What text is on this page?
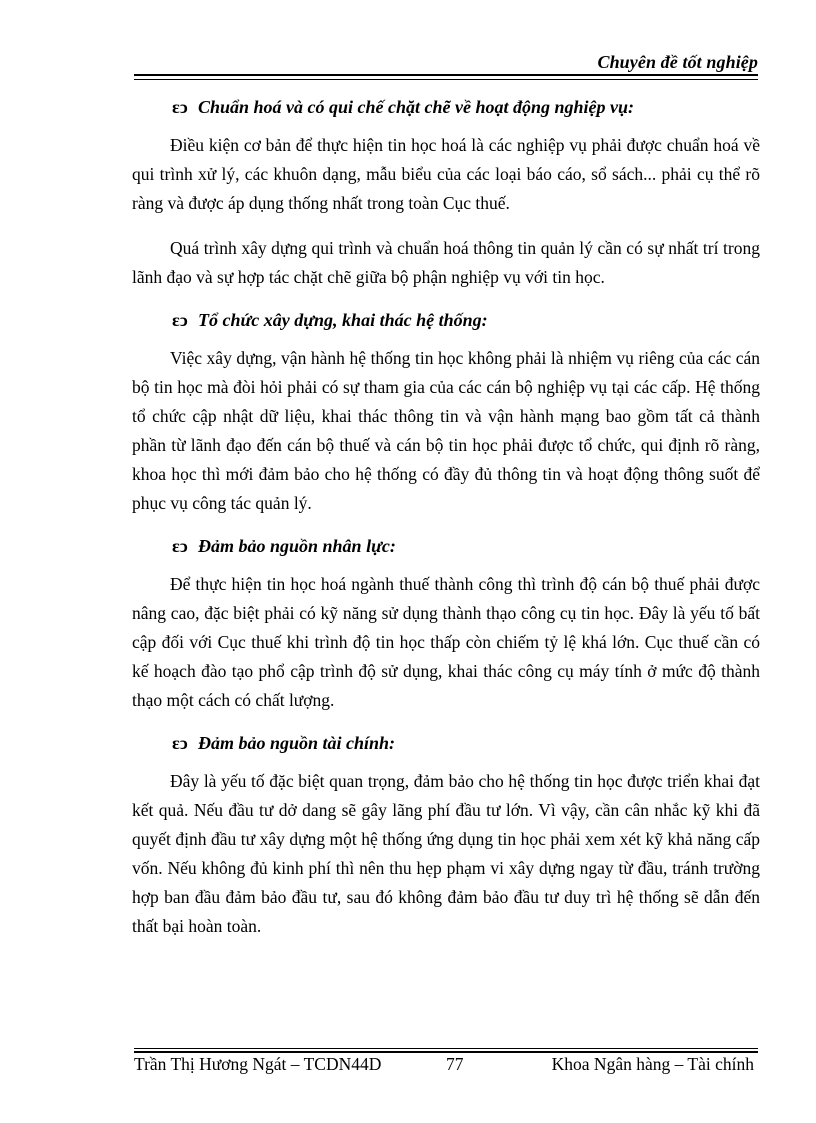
Chuyên đề tốt nghiệp

ɛↄ Chuẩn hoá và có qui chế chặt chẽ về hoạt động nghiệp vụ:

Điều kiện cơ bản để thực hiện tin học hoá là các nghiệp vụ phải được chuẩn hoá về qui trình xử lý, các khuôn dạng, mẫu biểu của các loại báo cáo, sổ sách... phải cụ thể rõ ràng và được áp dụng thống nhất trong toàn Cục thuế.

Quá trình xây dựng qui trình và chuẩn hoá thông tin quản lý cần có sự nhất trí trong lãnh đạo và sự hợp tác chặt chẽ giữa bộ phận nghiệp vụ với tin học.

ɛↄ Tổ chức xây dựng, khai thác hệ thống:

Việc xây dựng, vận hành hệ thống tin học không phải là nhiệm vụ riêng của các cán bộ tin học mà đòi hỏi phải có sự tham gia của các cán bộ nghiệp vụ tại các cấp. Hệ thống tổ chức cập nhật dữ liệu, khai thác thông tin và vận hành mạng bao gồm tất cả thành phần từ lãnh đạo đến cán bộ thuế và cán bộ tin học phải được tổ chức, qui định rõ ràng, khoa học thì mới đảm bảo cho hệ thống có đầy đủ thông tin và hoạt động thông suốt để phục vụ công tác quản lý.

ɛↄ Đảm bảo nguồn nhân lực:

Để thực hiện tin học hoá ngành thuế thành công thì trình độ cán bộ thuế phải được nâng cao, đặc biệt phải có kỹ năng sử dụng thành thạo công cụ tin học. Đây là yếu tố bất cập đối với Cục thuế khi trình độ tin học thấp còn chiếm tỷ lệ khá lớn. Cục thuế cần có kế hoạch đào tạo phổ cập trình độ sử dụng, khai thác công cụ máy tính ở mức độ thành thạo một cách có chất lượng.

ɛↄ Đảm bảo nguồn tài chính:

Đây là yếu tố đặc biệt quan trọng, đảm bảo cho hệ thống tin học được triển khai đạt kết quả. Nếu đầu tư dở dang sẽ gây lãng phí đầu tư lớn. Vì vậy, cần cân nhắc kỹ khi đã quyết định đầu tư xây dựng một hệ thống ứng dụng tin học phải xem xét kỹ khả năng cấp vốn. Nếu không đủ kinh phí thì nên thu hẹp phạm vi xây dựng ngay từ đầu, tránh trường hợp ban đầu đảm bảo đầu tư, sau đó không đảm bảo đầu tư duy trì hệ thống sẽ dẫn đến thất bại hoàn toàn.

Trần Thị Hương Ngát – TCDN44D	77	Khoa Ngân hàng – Tài chính
